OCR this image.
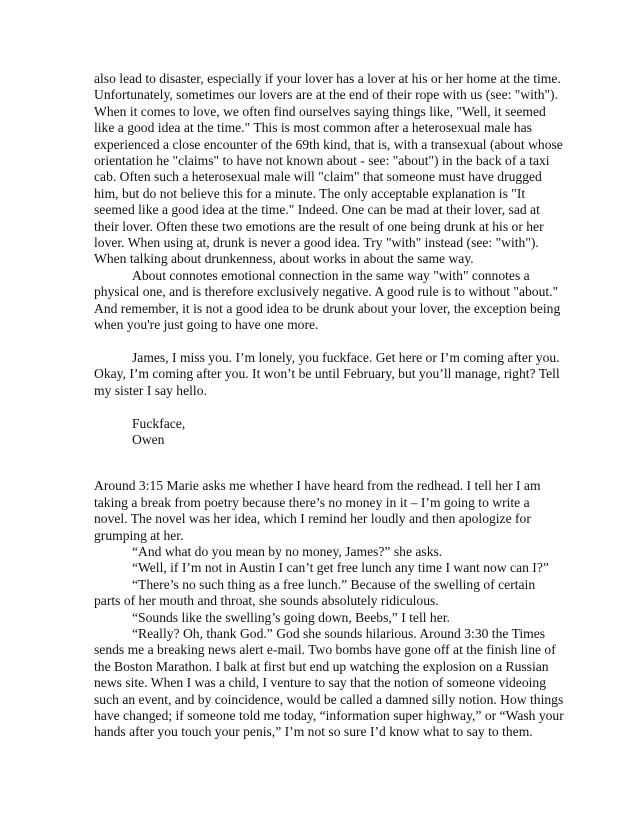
also lead to disaster, especially if your lover has a lover at his or her home at the time. Unfortunately, sometimes our lovers are at the end of their rope with us (see: "with"). When it comes to love, we often find ourselves saying things like, "Well, it seemed like a good idea at the time." This is most common after a heterosexual male has experienced a close encounter of the 69th kind, that is, with a transexual (about whose orientation he "claims" to have not known about - see: "about") in the back of a taxi cab. Often such a heterosexual male will "claim" that someone must have drugged him, but do not believe this for a minute. The only acceptable explanation is "It seemed like a good idea at the time." Indeed. One can be mad at their lover, sad at their lover. Often these two emotions are the result of one being drunk at his or her lover. When using at, drunk is never a good idea. Try "with" instead (see: "with"). When talking about drunkenness, about works in about the same way.

About connotes emotional connection in the same way "with" connotes a physical one, and is therefore exclusively negative. A good rule is to without "about." And remember, it is not a good idea to be drunk about your lover, the exception being when you're just going to have one more.

James, I miss you. I’m lonely, you fuckface. Get here or I’m coming after you. Okay, I’m coming after you. It won’t be until February, but you’ll manage, right? Tell my sister I say hello.

Fuckface,

Owen

Around 3:15 Marie asks me whether I have heard from the redhead. I tell her I am taking a break from poetry because there’s no money in it – I’m going to write a novel. The novel was her idea, which I remind her loudly and then apologize for grumping at her.

“And what do you mean by no money, James?” she asks.

“Well, if I’m not in Austin I can’t get free lunch any time I want now can I?”

“There’s no such thing as a free lunch.” Because of the swelling of certain parts of her mouth and throat, she sounds absolutely ridiculous.

“Sounds like the swelling’s going down, Beebs,” I tell her.

“Really? Oh, thank God.” God she sounds hilarious. Around 3:30 the Times sends me a breaking news alert e-mail. Two bombs have gone off at the finish line of the Boston Marathon. I balk at first but end up watching the explosion on a Russian news site. When I was a child, I venture to say that the notion of someone videoing such an event, and by coincidence, would be called a damned silly notion. How things have changed; if someone told me today, “information super highway,” or “Wash your hands after you touch your penis,” I’m not so sure I’d know what to say to them.
